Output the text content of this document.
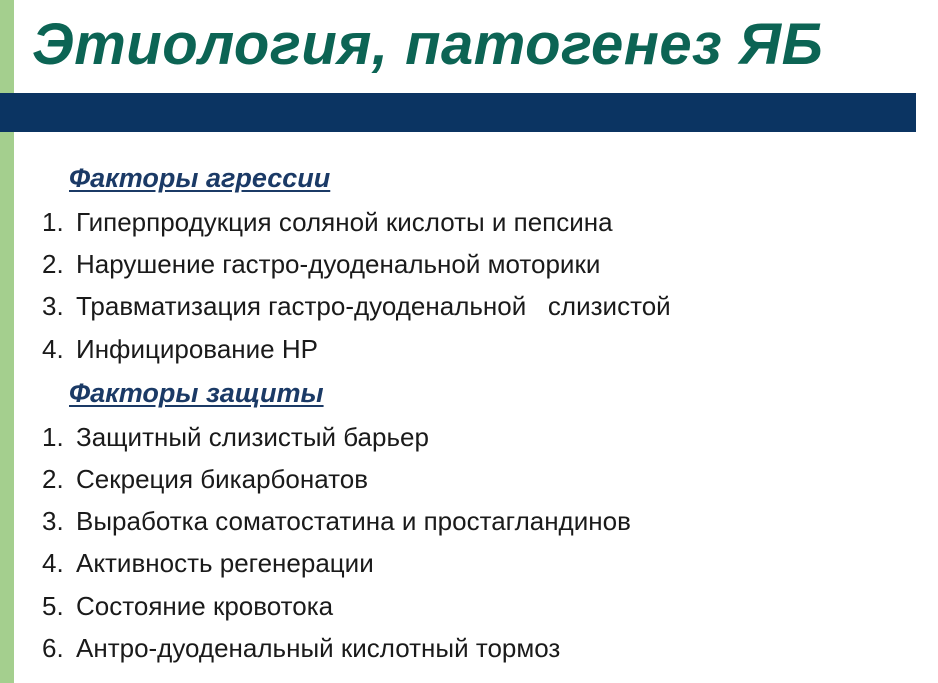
Этиология, патогенез ЯБ
Факторы агрессии
1. Гиперпродукция соляной кислоты и пепсина
2. Нарушение гастро-дуоденальной моторики
3. Травматизация гастро-дуоденальной   слизистой
4. Инфицирование НР
Факторы защиты
1. Защитный слизистый барьер
2. Секреция бикарбонатов
3. Выработка соматостатина и простагландинов
4. Активность регенерации
5. Состояние кровотока
6. Антро-дуоденальный кислотный тормоз
